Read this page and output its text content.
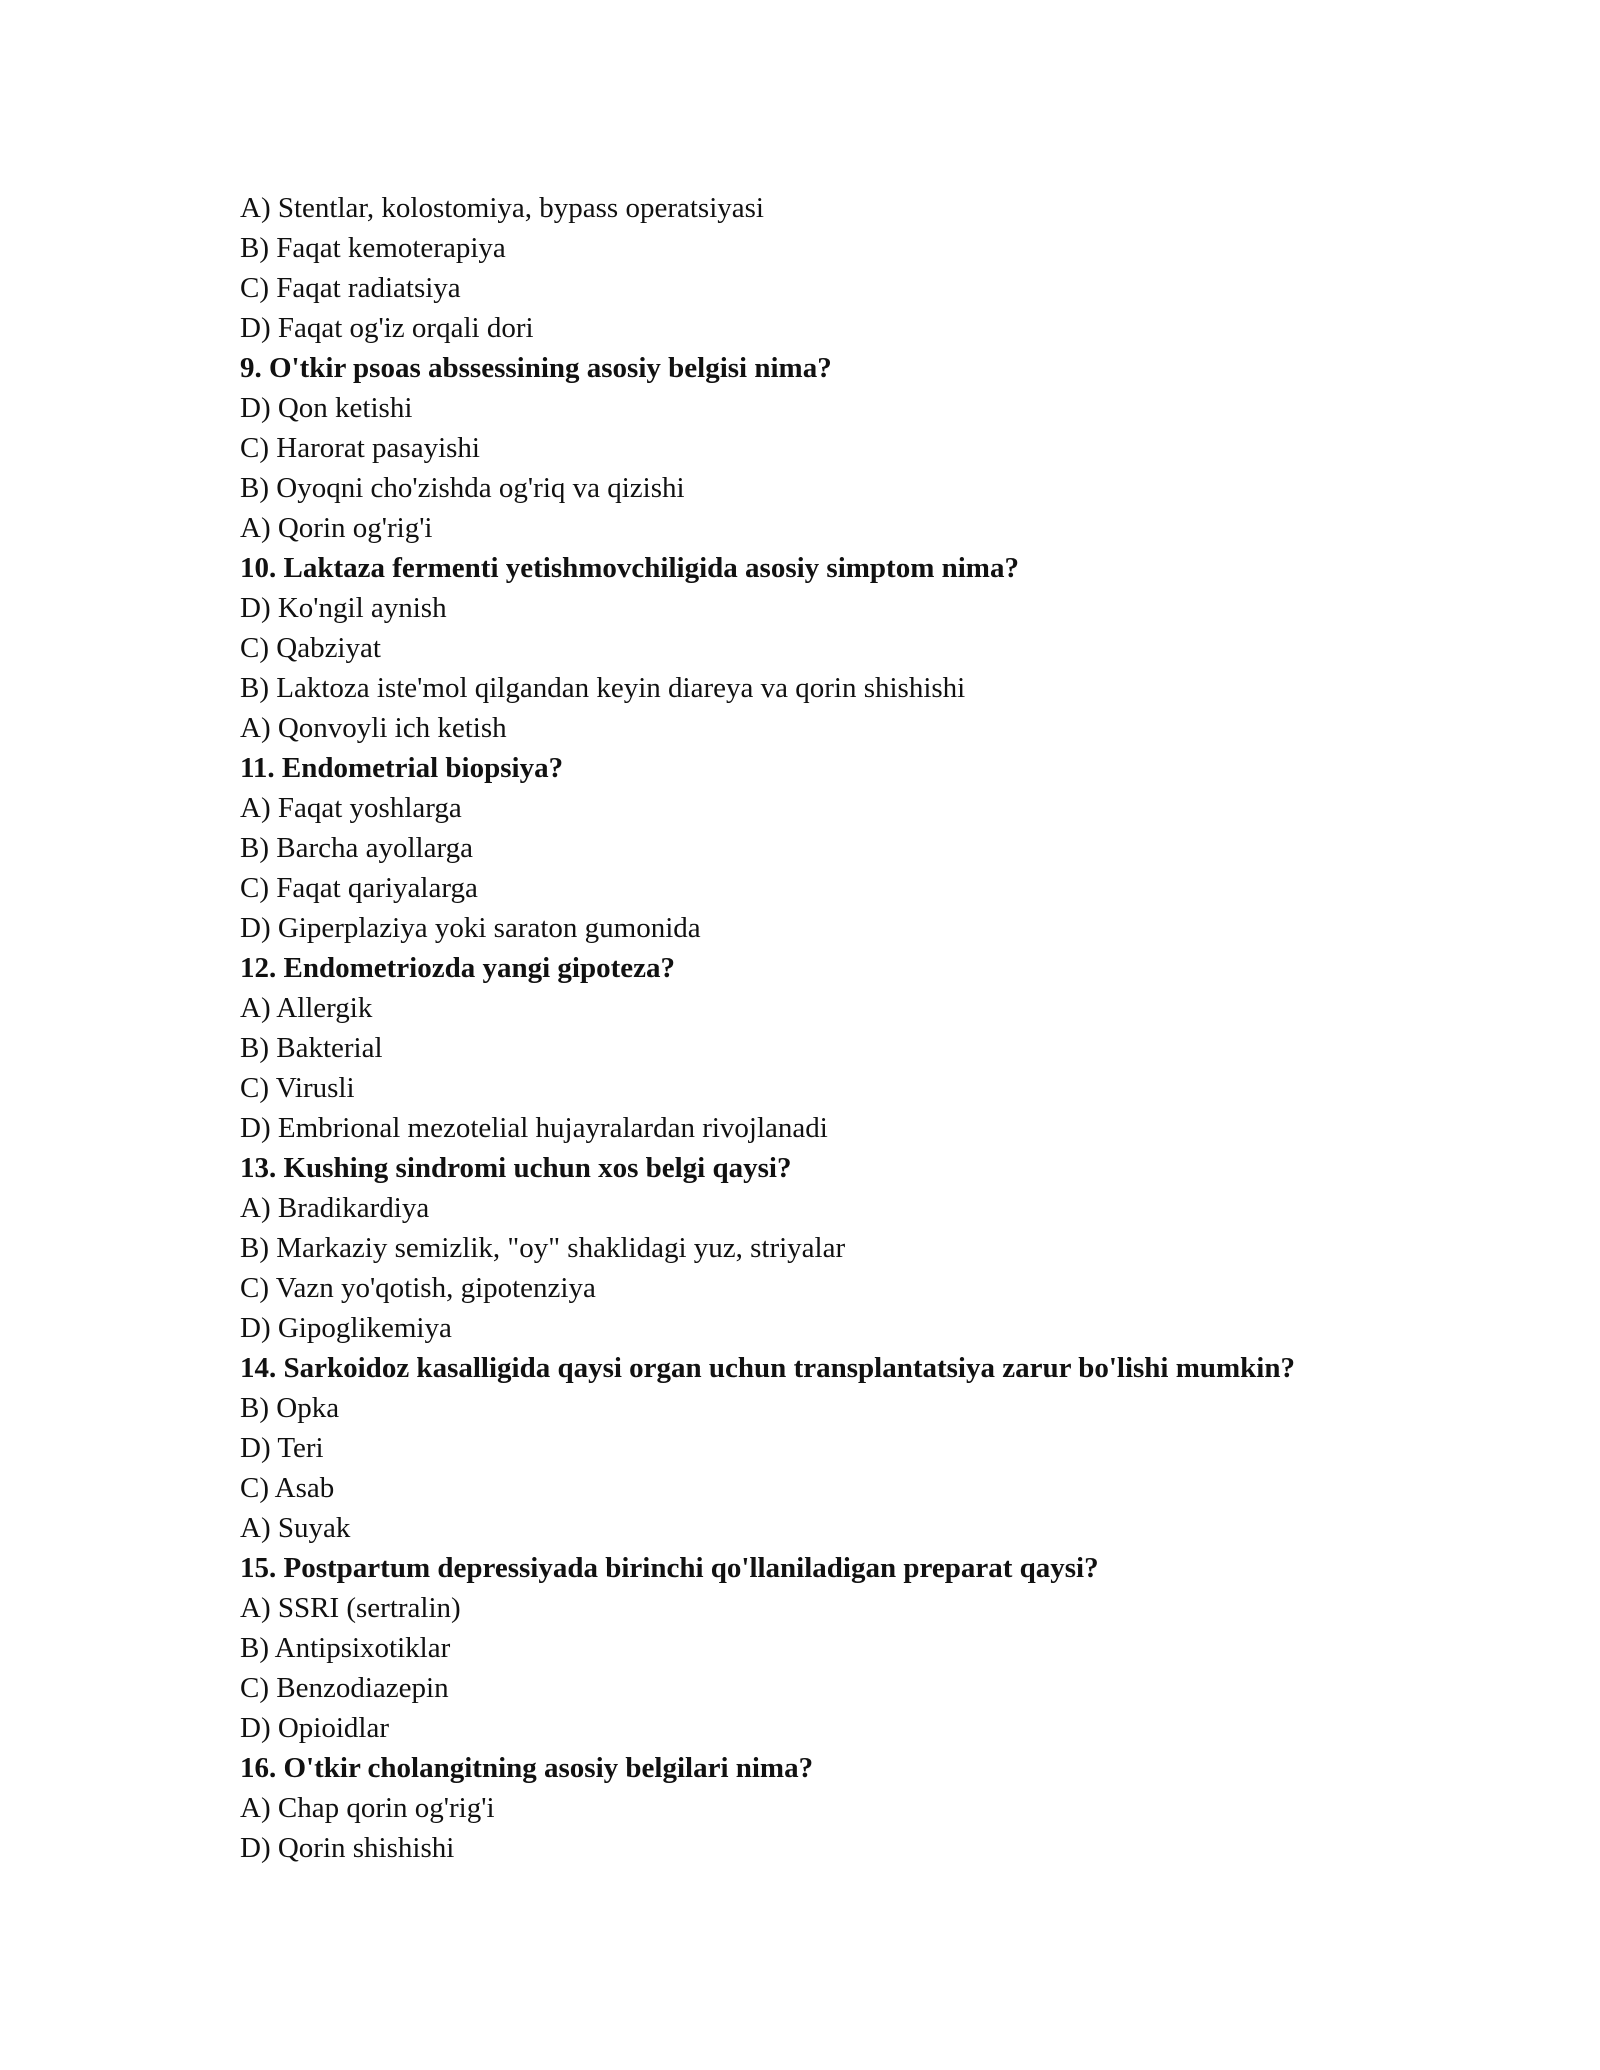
A) Stentlar, kolostomiya, bypass operatsiyasi
B) Faqat kemoterapiya
C) Faqat radiatsiya
D) Faqat og'iz orqali dori
9. O'tkir psoas abssessining asosiy belgisi nima?
D) Qon ketishi
C) Harorat pasayishi
B) Oyoqni cho'zishda og'riq va qizishi
A) Qorin og'rig'i
10. Laktaza fermenti yetishmovchiligida asosiy simptom nima?
D) Ko'ngil aynish
C) Qabziyat
B) Laktoza iste'mol qilgandan keyin diareya va qorin shishishi
A) Qonvoyli ich ketish
11. Endometrial biopsiya?
A) Faqat yoshlarga
B) Barcha ayollarga
C) Faqat qariyalarga
D) Giperplaziya yoki saraton gumonida
12. Endometriozda yangi gipoteza?
A) Allergik
B) Bakterial
C) Virusli
D) Embrional mezotelial hujayralardan rivojlanadi
13. Kushing sindromi uchun xos belgi qaysi?
A) Bradikardiya
B) Markaziy semizlik, "oy" shaklidagi yuz, striyalar
C) Vazn yo'qotish, gipotenziya
D) Gipoglikemiya
14. Sarkoidoz kasalligida qaysi organ uchun transplantatsiya zarur bo'lishi mumkin?
B) Opka
D) Teri
C) Asab
A) Suyak
15. Postpartum depressiyada birinchi qo'llaniladigan preparat qaysi?
A) SSRI (sertralin)
B) Antipsixotiklar
C) Benzodiazepin
D) Opioidlar
16. O'tkir cholangitning asosiy belgilari nima?
A) Chap qorin og'rig'i
D) Qorin shishishi
